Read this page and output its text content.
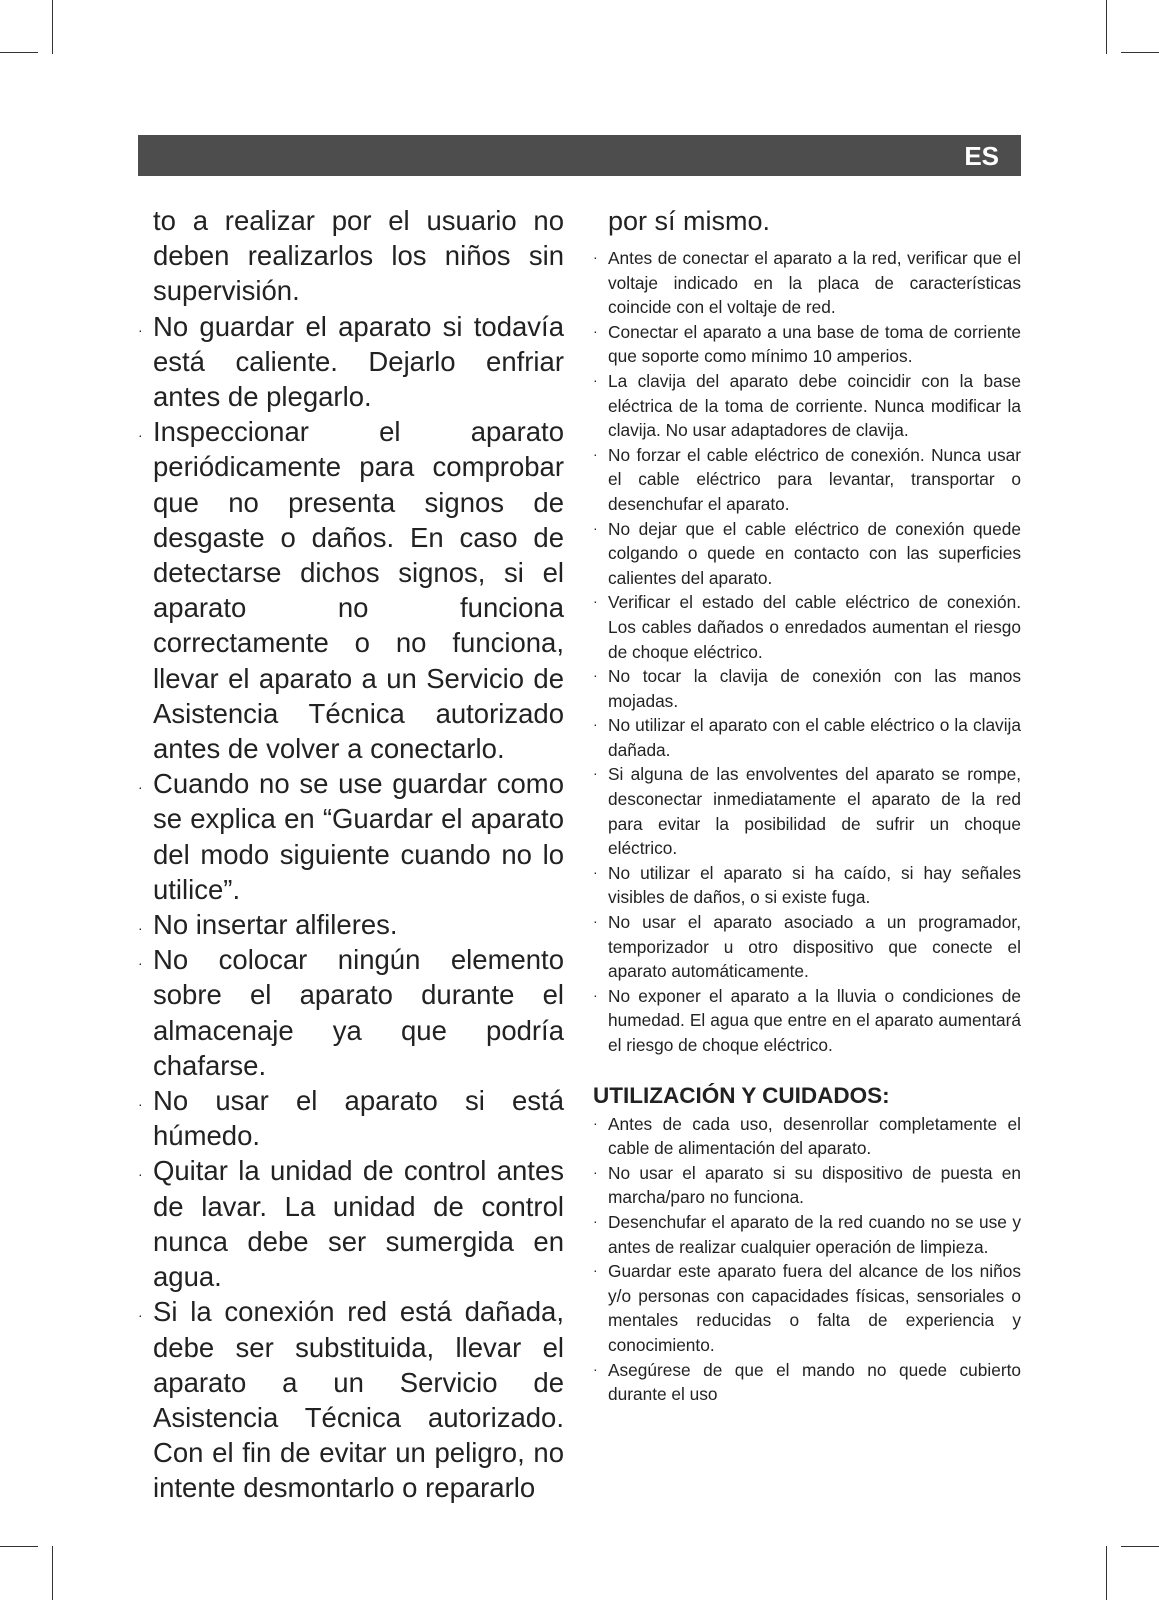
ES

to a realizar por el usuario no deben realizarlos los niños sin supervisión.

· No guardar el aparato si todavía está caliente. Dejarlo enfriar antes de plegarlo.
· Inspeccionar el aparato periódicamente para comprobar que no presenta signos de desgaste o daños. En caso de detectarse dichos signos, si el aparato no funciona correctamente o no funciona, llevar el aparato a un Servicio de Asistencia Técnica autorizado antes de volver a conectarlo.
· Cuando no se use guardar como se explica en “Guardar el aparato del modo siguiente cuando no lo utilice”.
· No insertar alfileres.
· No colocar ningún elemento sobre el aparato durante el almacenaje ya que podría chafarse.
· No usar el aparato si está húmedo.
· Quitar la unidad de control antes de lavar. La unidad de control nunca debe ser sumergida en agua.
· Si la conexión red está dañada, debe ser substituida, llevar el aparato a un Servicio de Asistencia Técnica autorizado. Con el fin de evitar un peligro, no intente desmontarlo o repararlo

por sí mismo.

· Antes de conectar el aparato a la red, verificar que el voltaje indicado en la placa de características coincide con el voltaje de red.
· Conectar el aparato a una base de toma de corriente que soporte como mínimo 10 amperios.
· La clavija del aparato debe coincidir con la base eléctrica de la toma de corriente. Nunca modificar la clavija. No usar adaptadores de clavija.
· No forzar el cable eléctrico de conexión. Nunca usar el cable eléctrico para levantar, transportar o desenchufar el aparato.
· No dejar que el cable eléctrico de conexión quede colgando o quede en contacto con las superficies calientes del aparato.
· Verificar el estado del cable eléctrico de conexión. Los cables dañados o enredados aumentan el riesgo de choque eléctrico.
· No tocar la clavija de conexión con las manos mojadas.
· No utilizar el aparato con el cable eléctrico o la clavija dañada.
· Si alguna de las envolventes del aparato se rompe, desconectar inmediatamente el aparato de la red para evitar la posibilidad de sufrir un choque eléctrico.
· No utilizar el aparato si ha caído, si hay señales visibles de daños, o si existe fuga.
· No usar el aparato asociado a un programador, temporizador u otro dispositivo que conecte el aparato automáticamente.
· No exponer el aparato a la lluvia o condiciones de humedad. El agua que entre en el aparato aumentará el riesgo de choque eléctrico.
UTILIZACIÓN Y CUIDADOS:
· Antes de cada uso, desenrollar completamente el cable de alimentación del aparato.
· No usar el aparato si su dispositivo de puesta en marcha/paro no funciona.
· Desenchufar el aparato de la red cuando no se use y antes de realizar cualquier operación de limpieza.
· Guardar este aparato fuera del alcance de los niños y/o personas con capacidades físicas, sensoriales o mentales reducidas o falta de experiencia y conocimiento.
· Asegúrese de que el mando no quede cubierto durante el uso
